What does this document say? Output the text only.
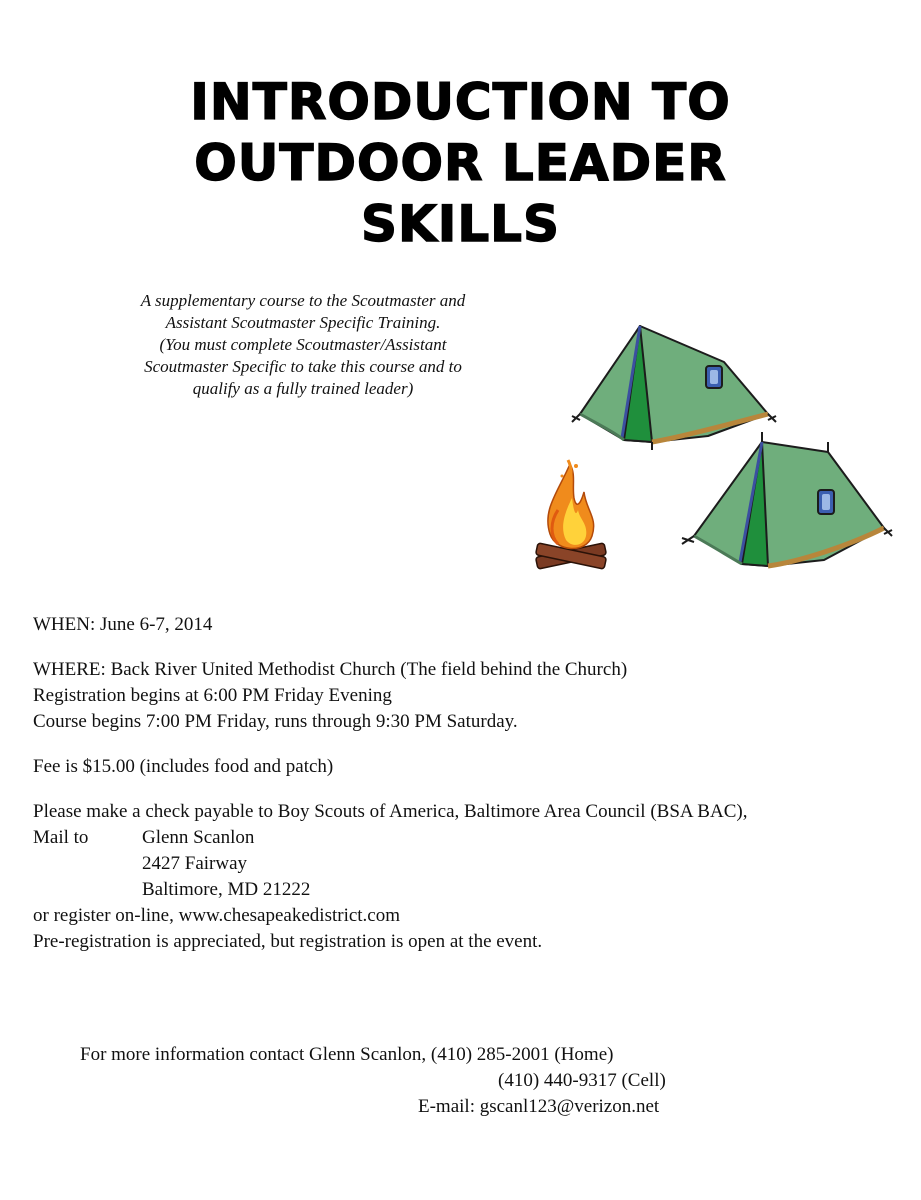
INTRODUCTION TO
OUTDOOR LEADER
SKILLS
A supplementary course to the Scoutmaster and
Assistant Scoutmaster Specific Training.
(You must complete Scoutmaster/Assistant
Scoutmaster Specific to take this course and to
qualify as a fully trained leader)

WHEN: June 6-7, 2014

WHERE: Back River United Methodist Church (The field behind the Church)

Registration begins at 6:00 PM Friday Evening

Course begins 7:00 PM Friday, runs through 9:30 PM Saturday.

Fee is $15.00 (includes food and patch)

Please make a check payable to Boy Scouts of America, Baltimore Area Council (BSA BAC),

Mail to	Glenn Scanlon
2427 Fairway
Baltimore, MD 21222

or register on-line, www.chesapeakedistrict.com

Pre-registration is appreciated, but registration is open at the event.

For more information contact Glenn Scanlon, (410) 285-2001 (Home)
(410) 440-9317 (Cell)
E-mail: gscanl123@verizon.net
